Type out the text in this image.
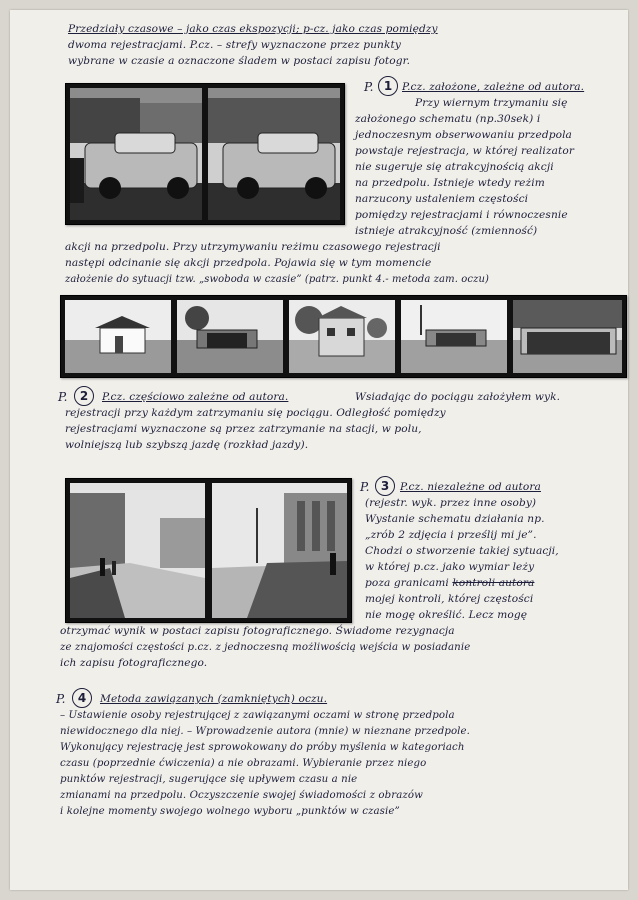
Przedziały czasowe – jako czas ekspozycji; p-cz. jako czas pomiędzy
dwoma rejestracjami. P.cz. – strefy wyznaczone przez punkty
wybrane w czasie a oznaczone śladem w postaci zapisu fotogr.
P. 1 P.cz. założone, zależne od autora.
Przy wiernym trzymaniu się
założonego schematu (np.30sek) i
jednoczesnym obserwowaniu przedpola
powstaje rejestracja, w której realizator
nie sugeruje się atrakcyjnością akcji
na przedpolu. Istnieje wtedy reżim
narzucony ustaleniem częstości
pomiędzy rejestracjami i równoczesnie
istnieje atrakcyjność (zmienność)
akcji na przedpolu. Przy utrzymywaniu reżimu czasowego rejestracji
następi odcinanie się akcji przedpola. Pojawia się w tym momencie
założenie do sytuacji tzw. „swoboda w czasie” (patrz. punkt 4.- metoda zam. oczu)
P.	2	P.cz. częściowo zależne od autora.	Wsiadając do pociągu założyłem wyk.
rejestracji przy każdym zatrzymaniu się pociągu. Odległość pomiędzy
rejestracjami wyznaczone są przez zatrzymanie na stacji, w polu,
wolniejszą lub szybszą jazdę (rozkład jazdy).
P. 3	P.cz. niezależne od autora
(rejestr. wyk. przez inne osoby)
Wystanie schematu działania np.
„zrób 2 zdjęcia i prześlij mi je”.
Chodzi o stworzenie takiej sytuacji,
w której p.cz. jako wymiar leży
poza granicami kontroli autora
mojej kontroli, której częstości
nie mogę określić. Lecz mogę
otrzymać wynik w postaci zapisu fotograficznego. Świadome rezygnacja
ze znajomości częstości p.cz. z jednoczesną możliwością wejścia w posiadanie
ich zapisu fotograficznego.
P.	4	Metoda zawiązanych (zamkniętych) oczu.
– Ustawienie osoby rejestrującej z zawiązanymi oczami w stronę przedpola
niewidocznego dla niej. – Wprowadzenie autora (mnie) w nieznane przedpole.
Wykonujący rejestrację jest sprowokowany do próby myślenia w kategoriach
czasu (poprzednie ćwiczenia) a nie obrazami. Wybieranie przez niego
punktów rejestracji, sugerujące się upływem czasu a nie
zmianami na przedpolu. Oczyszczenie swojej świadomości z obrazów
i kolejne momenty swojego wolnego wyboru „punktów w czasie”
